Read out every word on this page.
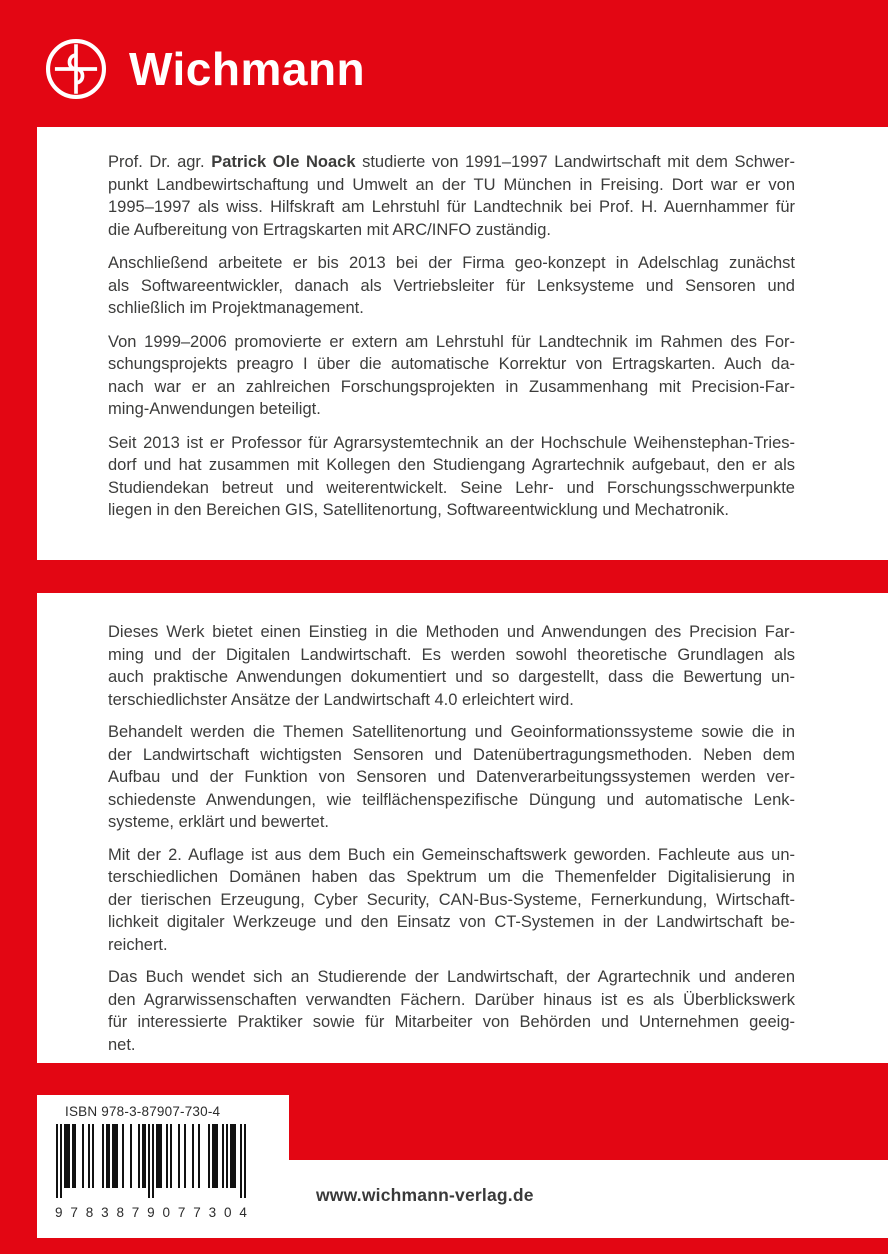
Wichmann
Prof. Dr. agr. Patrick Ole Noack studierte von 1991–1997 Landwirtschaft mit dem Schwer-
punkt Landbewirtschaftung und Umwelt an der TU München in Freising. Dort war er von
1995–1997 als wiss. Hilfskraft am Lehrstuhl für Landtechnik bei Prof. H. Auernhammer für
die Aufbereitung von Ertragskarten mit ARC/INFO zuständig.
Anschließend arbeitete er bis 2013 bei der Firma geo-konzept in Adelschlag zunächst
als Softwareentwickler, danach als Vertriebsleiter für Lenksysteme und Sensoren und
schließlich im Projektmanagement.
Von 1999–2006 promovierte er extern am Lehrstuhl für Landtechnik im Rahmen des For-
schungsprojekts preagro I über die automatische Korrektur von Ertragskarten. Auch da-
nach war er an zahlreichen Forschungsprojekten in Zusammenhang mit Precision-Far-
ming-Anwendungen beteiligt.
Seit 2013 ist er Professor für Agrarsystemtechnik an der Hochschule Weihenstephan-Tries-
dorf und hat zusammen mit Kollegen den Studiengang Agrartechnik aufgebaut, den er als
Studiendekan betreut und weiterentwickelt. Seine Lehr- und Forschungsschwerpunkte
liegen in den Bereichen GIS, Satellitenortung, Softwareentwicklung und Mechatronik.
Dieses Werk bietet einen Einstieg in die Methoden und Anwendungen des Precision Far-
ming und der Digitalen Landwirtschaft. Es werden sowohl theoretische Grundlagen als
auch praktische Anwendungen dokumentiert und so dargestellt, dass die Bewertung un-
terschiedlichster Ansätze der Landwirtschaft 4.0 erleichtert wird.
Behandelt werden die Themen Satellitenortung und Geoinformationssysteme sowie die in
der Landwirtschaft wichtigsten Sensoren und Datenübertragungsmethoden. Neben dem
Aufbau und der Funktion von Sensoren und Datenverarbeitungssystemen werden ver-
schiedenste Anwendungen, wie teilflächenspezifische Düngung und automatische Lenk-
systeme, erklärt und bewertet.
Mit der 2. Auflage ist aus dem Buch ein Gemeinschaftswerk geworden. Fachleute aus un-
terschiedlichen Domänen haben das Spektrum um die Themenfelder Digitalisierung in
der tierischen Erzeugung, Cyber Security, CAN-Bus-Systeme, Fernerkundung, Wirtschaft-
lichkeit digitaler Werkzeuge und den Einsatz von CT-Systemen in der Landwirtschaft be-
reichert.
Das Buch wendet sich an Studierende der Landwirtschaft, der Agrartechnik und anderen
den Agrarwissenschaften verwandten Fächern. Darüber hinaus ist es als Überblickswerk
für interessierte Praktiker sowie für Mitarbeiter von Behörden und Unternehmen geeig-
net.
ISBN 978-3-87907-730-4
9 7 8 3 8 7 9 0 7 7 3 0 4
www.wichmann-verlag.de
